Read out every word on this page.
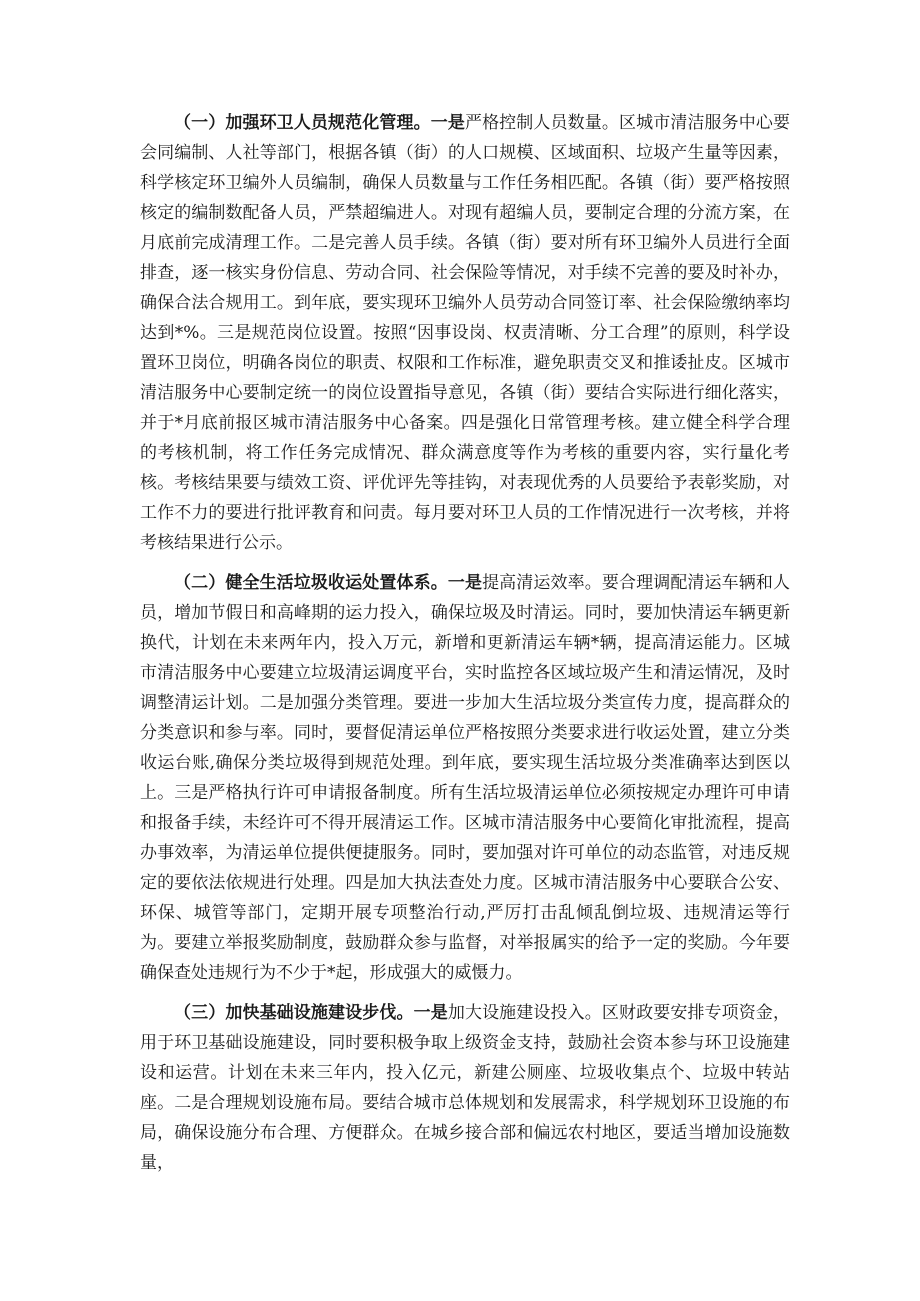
（一）加强环卫人员规范化管理。一是严格控制人员数量。区城市清洁服务中心要会同编制、人社等部门，根据各镇（街）的人口规模、区域面积、垃圾产生量等因素，科学核定环卫编外人员编制，确保人员数量与工作任务相匹配。各镇（街）要严格按照核定的编制数配备人员，严禁超编进人。对现有超编人员，要制定合理的分流方案，在月底前完成清理工作。二是完善人员手续。各镇（街）要对所有环卫编外人员进行全面排查，逐一核实身份信息、劳动合同、社会保险等情况，对手续不完善的要及时补办，确保合法合规用工。到年底，要实现环卫编外人员劳动合同签订率、社会保险缴纳率均达到*%。三是规范岗位设置。按照“因事设岗、权责清晰、分工合理”的原则，科学设置环卫岗位，明确各岗位的职责、权限和工作标准，避免职责交叉和推诿扯皮。区城市清洁服务中心要制定统一的岗位设置指导意见，各镇（街）要结合实际进行细化落实，并于*月底前报区城市清洁服务中心备案。四是强化日常管理考核。建立健全科学合理的考核机制，将工作任务完成情况、群众满意度等作为考核的重要内容，实行量化考核。考核结果要与绩效工资、评优评先等挂钩，对表现优秀的人员要给予表彰奖励，对工作不力的要进行批评教育和问责。每月要对环卫人员的工作情况进行一次考核，并将考核结果进行公示。

（二）健全生活垃圾收运处置体系。一是提高清运效率。要合理调配清运车辆和人员，增加节假日和高峰期的运力投入，确保垃圾及时清运。同时，要加快清运车辆更新换代，计划在未来两年内，投入万元，新增和更新清运车辆*辆，提高清运能力。区城市清洁服务中心要建立垃圾清运调度平台，实时监控各区域垃圾产生和清运情况，及时调整清运计划。二是加强分类管理。要进一步加大生活垃圾分类宣传力度，提高群众的分类意识和参与率。同时，要督促清运单位严格按照分类要求进行收运处置，建立分类收运台账,确保分类垃圾得到规范处理。到年底，要实现生活垃圾分类准确率达到医以上。三是严格执行许可申请报备制度。所有生活垃圾清运单位必须按规定办理许可申请和报备手续，未经许可不得开展清运工作。区城市清洁服务中心要简化审批流程，提高办事效率，为清运单位提供便捷服务。同时，要加强对许可单位的动态监管，对违反规定的要依法依规进行处理。四是加大执法查处力度。区城市清洁服务中心要联合公安、环保、城管等部门，定期开展专项整治行动,严厉打击乱倾乱倒垃圾、违规清运等行为。要建立举报奖励制度，鼓励群众参与监督，对举报属实的给予一定的奖励。今年要确保查处违规行为不少于*起，形成强大的威慑力。

（三）加快基础设施建设步伐。一是加大设施建设投入。区财政要安排专项资金，用于环卫基础设施建设，同时要积极争取上级资金支持，鼓励社会资本参与环卫设施建设和运营。计划在未来三年内，投入亿元，新建公厕座、垃圾收集点个、垃圾中转站座。二是合理规划设施布局。要结合城市总体规划和发展需求，科学规划环卫设施的布局，确保设施分布合理、方便群众。在城乡接合部和偏远农村地区，要适当增加设施数量，
